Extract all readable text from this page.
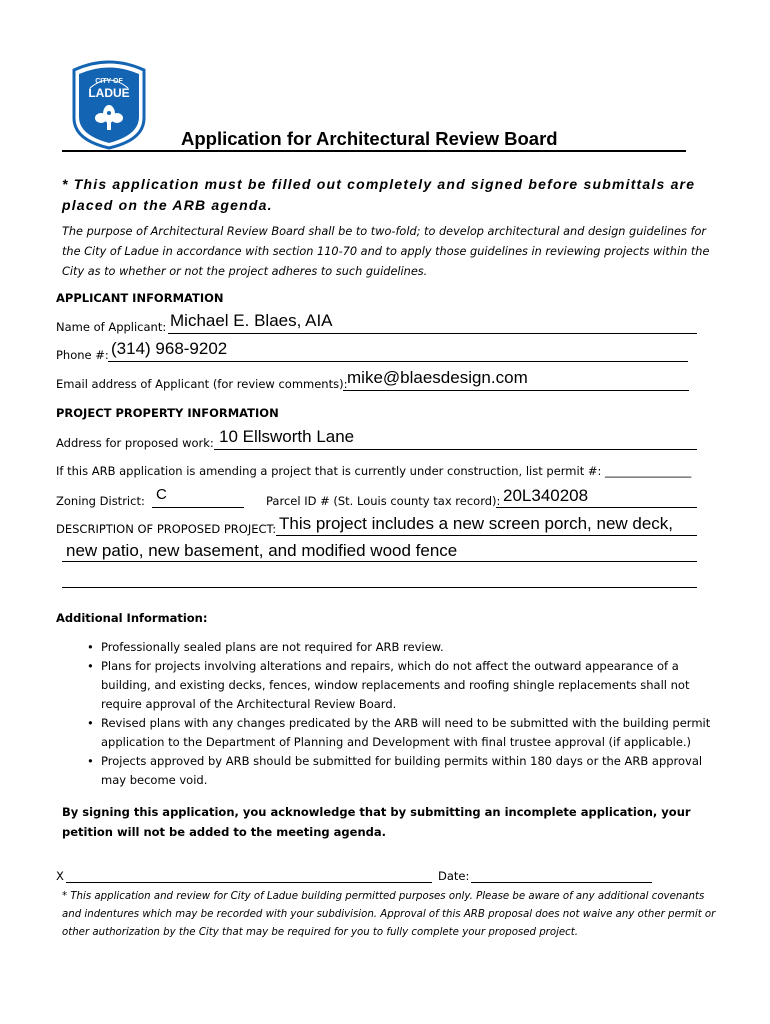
CITY OF
LADUE
Application for Architectural Review Board
* This application must be filled out completely and signed before submittals are placed on the ARB agenda.
The purpose of Architectural Review Board shall be to two-fold; to develop architectural and design guidelines for the City of Ladue in accordance with section 110-70 and to apply those guidelines in reviewing projects within the City as to whether or not the project adheres to such guidelines.
APPLICANT INFORMATION
Name of Applicant: Michael E. Blaes, AIA
Phone #: (314) 968-9202
Email address of Applicant (for review comments): mike@blaesdesign.com
PROJECT PROPERTY INFORMATION
Address for proposed work: 10 Ellsworth Lane
If this ARB application is amending a project that is currently under construction, list permit #: _______________
Zoning District: C	Parcel ID # (St. Louis county tax record): 20L340208
DESCRIPTION OF PROPOSED PROJECT: This project includes a new screen porch, new deck,
new patio, new basement, and modified wood fence
Additional Information:
• Professionally sealed plans are not required for ARB review.
• Plans for projects involving alterations and repairs, which do not affect the outward appearance of a building, and existing decks, fences, window replacements and roofing shingle replacements shall not require approval of the Architectural Review Board.
• Revised plans with any changes predicated by the ARB will need to be submitted with the building permit application to the Department of Planning and Development with final trustee approval (if applicable.)
• Projects approved by ARB should be submitted for building permits within 180 days or the ARB approval may become void.
By signing this application, you acknowledge that by submitting an incomplete application, your petition will not be added to the meeting agenda.
X	Date:
* This application and review for City of Ladue building permitted purposes only. Please be aware of any additional covenants and indentures which may be recorded with your subdivision. Approval of this ARB proposal does not waive any other permit or other authorization by the City that may be required for you to fully complete your proposed project.
